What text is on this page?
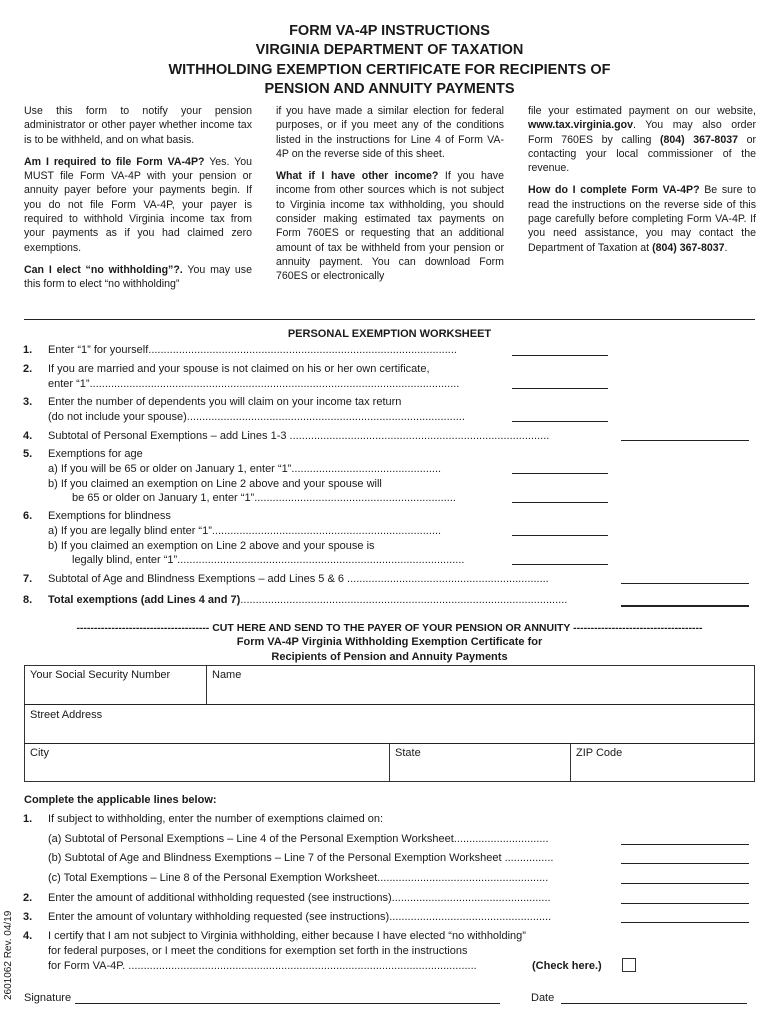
FORM VA-4P INSTRUCTIONS
VIRGINIA DEPARTMENT OF TAXATION
WITHHOLDING EXEMPTION CERTIFICATE FOR RECIPIENTS OF
PENSION AND ANNUITY PAYMENTS

Use this form to notify your pension administrator or other payer whether income tax is to be withheld, and on what basis.

Am I required to file Form VA-4P? Yes. You MUST file Form VA-4P with your pension or annuity payer before your payments begin. If you do not file Form VA-4P, your payer is required to withhold Virginia income tax from your payments as if you had claimed zero exemptions.

Can I elect “no withholding”?. You may use this form to elect “no withholding”

if you have made a similar election for federal purposes, or if you meet any of the conditions listed in the instructions for Line 4 of Form VA-4P on the reverse side of this sheet.

What if I have other income? If you have income from other sources which is not subject to Virginia income tax withholding, you should consider making estimated tax payments on Form 760ES or requesting that an additional amount of tax be withheld from your pension or annuity payment. You can download Form 760ES or electronically

file your estimated payment on our website, www.tax.virginia.gov. You may also order Form 760ES by calling (804) 367-8037 or contacting your local commissioner of the revenue.

How do I complete Form VA-4P? Be sure to read the instructions on the reverse side of this page carefully before completing Form VA-4P. If you need assistance, you may contact the Department of Taxation at (804) 367-8037.

PERSONAL EXEMPTION WORKSHEET
1. Enter “1” for yourself.....................................................................................................
2. If you are married and your spouse is not claimed on his or her own certificate,
enter “1”.........................................................................................................................
3. Enter the number of dependents you will claim on your income tax return
(do not include your spouse)...........................................................................................
4. Subtotal of Personal Exemptions – add Lines 1-3 .....................................................................................
5. Exemptions for age
a) If you will be 65 or older on January 1, enter “1”.................................................
b) If you claimed an exemption on Line 2 above and your spouse will
be 65 or older on January 1, enter “1”..................................................................
6. Exemptions for blindness
a) If you are legally blind enter “1”...........................................................................
b) If you claimed an exemption on Line 2 above and your spouse is
legally blind, enter “1”..............................................................................................
7. Subtotal of Age and Blindness Exemptions – add Lines 5 & 6 ..................................................................
8. Total exemptions (add Lines 4 and 7)...........................................................................................................
-------------------------------------- CUT HERE AND SEND TO THE PAYER OF YOUR PENSION OR ANNUITY -------------------------------------
Form VA-4P Virginia Withholding Exemption Certificate for
Recipients of Pension and Annuity Payments
Your Social Security Number	Name
Street Address
City	State	ZIP Code
Complete the applicable lines below:
1. If subject to withholding, enter the number of exemptions claimed on:
(a) Subtotal of Personal Exemptions – Line 4 of the Personal Exemption Worksheet...............................
(b) Subtotal of Age and Blindness Exemptions – Line 7 of the Personal Exemption Worksheet ................
(c) Total Exemptions – Line 8 of the Personal Exemption Worksheet........................................................
2. Enter the amount of additional withholding requested (see instructions)....................................................
3. Enter the amount of voluntary withholding requested (see instructions).....................................................
4. I certify that I am not subject to Virginia withholding, either because I have elected “no withholding”
for federal purposes, or I meet the conditions for exemption set forth in the instructions
for Form VA-4P. ..................................................................................................................	(Check here.)
Signature	Date
2601062 Rev. 04/19
